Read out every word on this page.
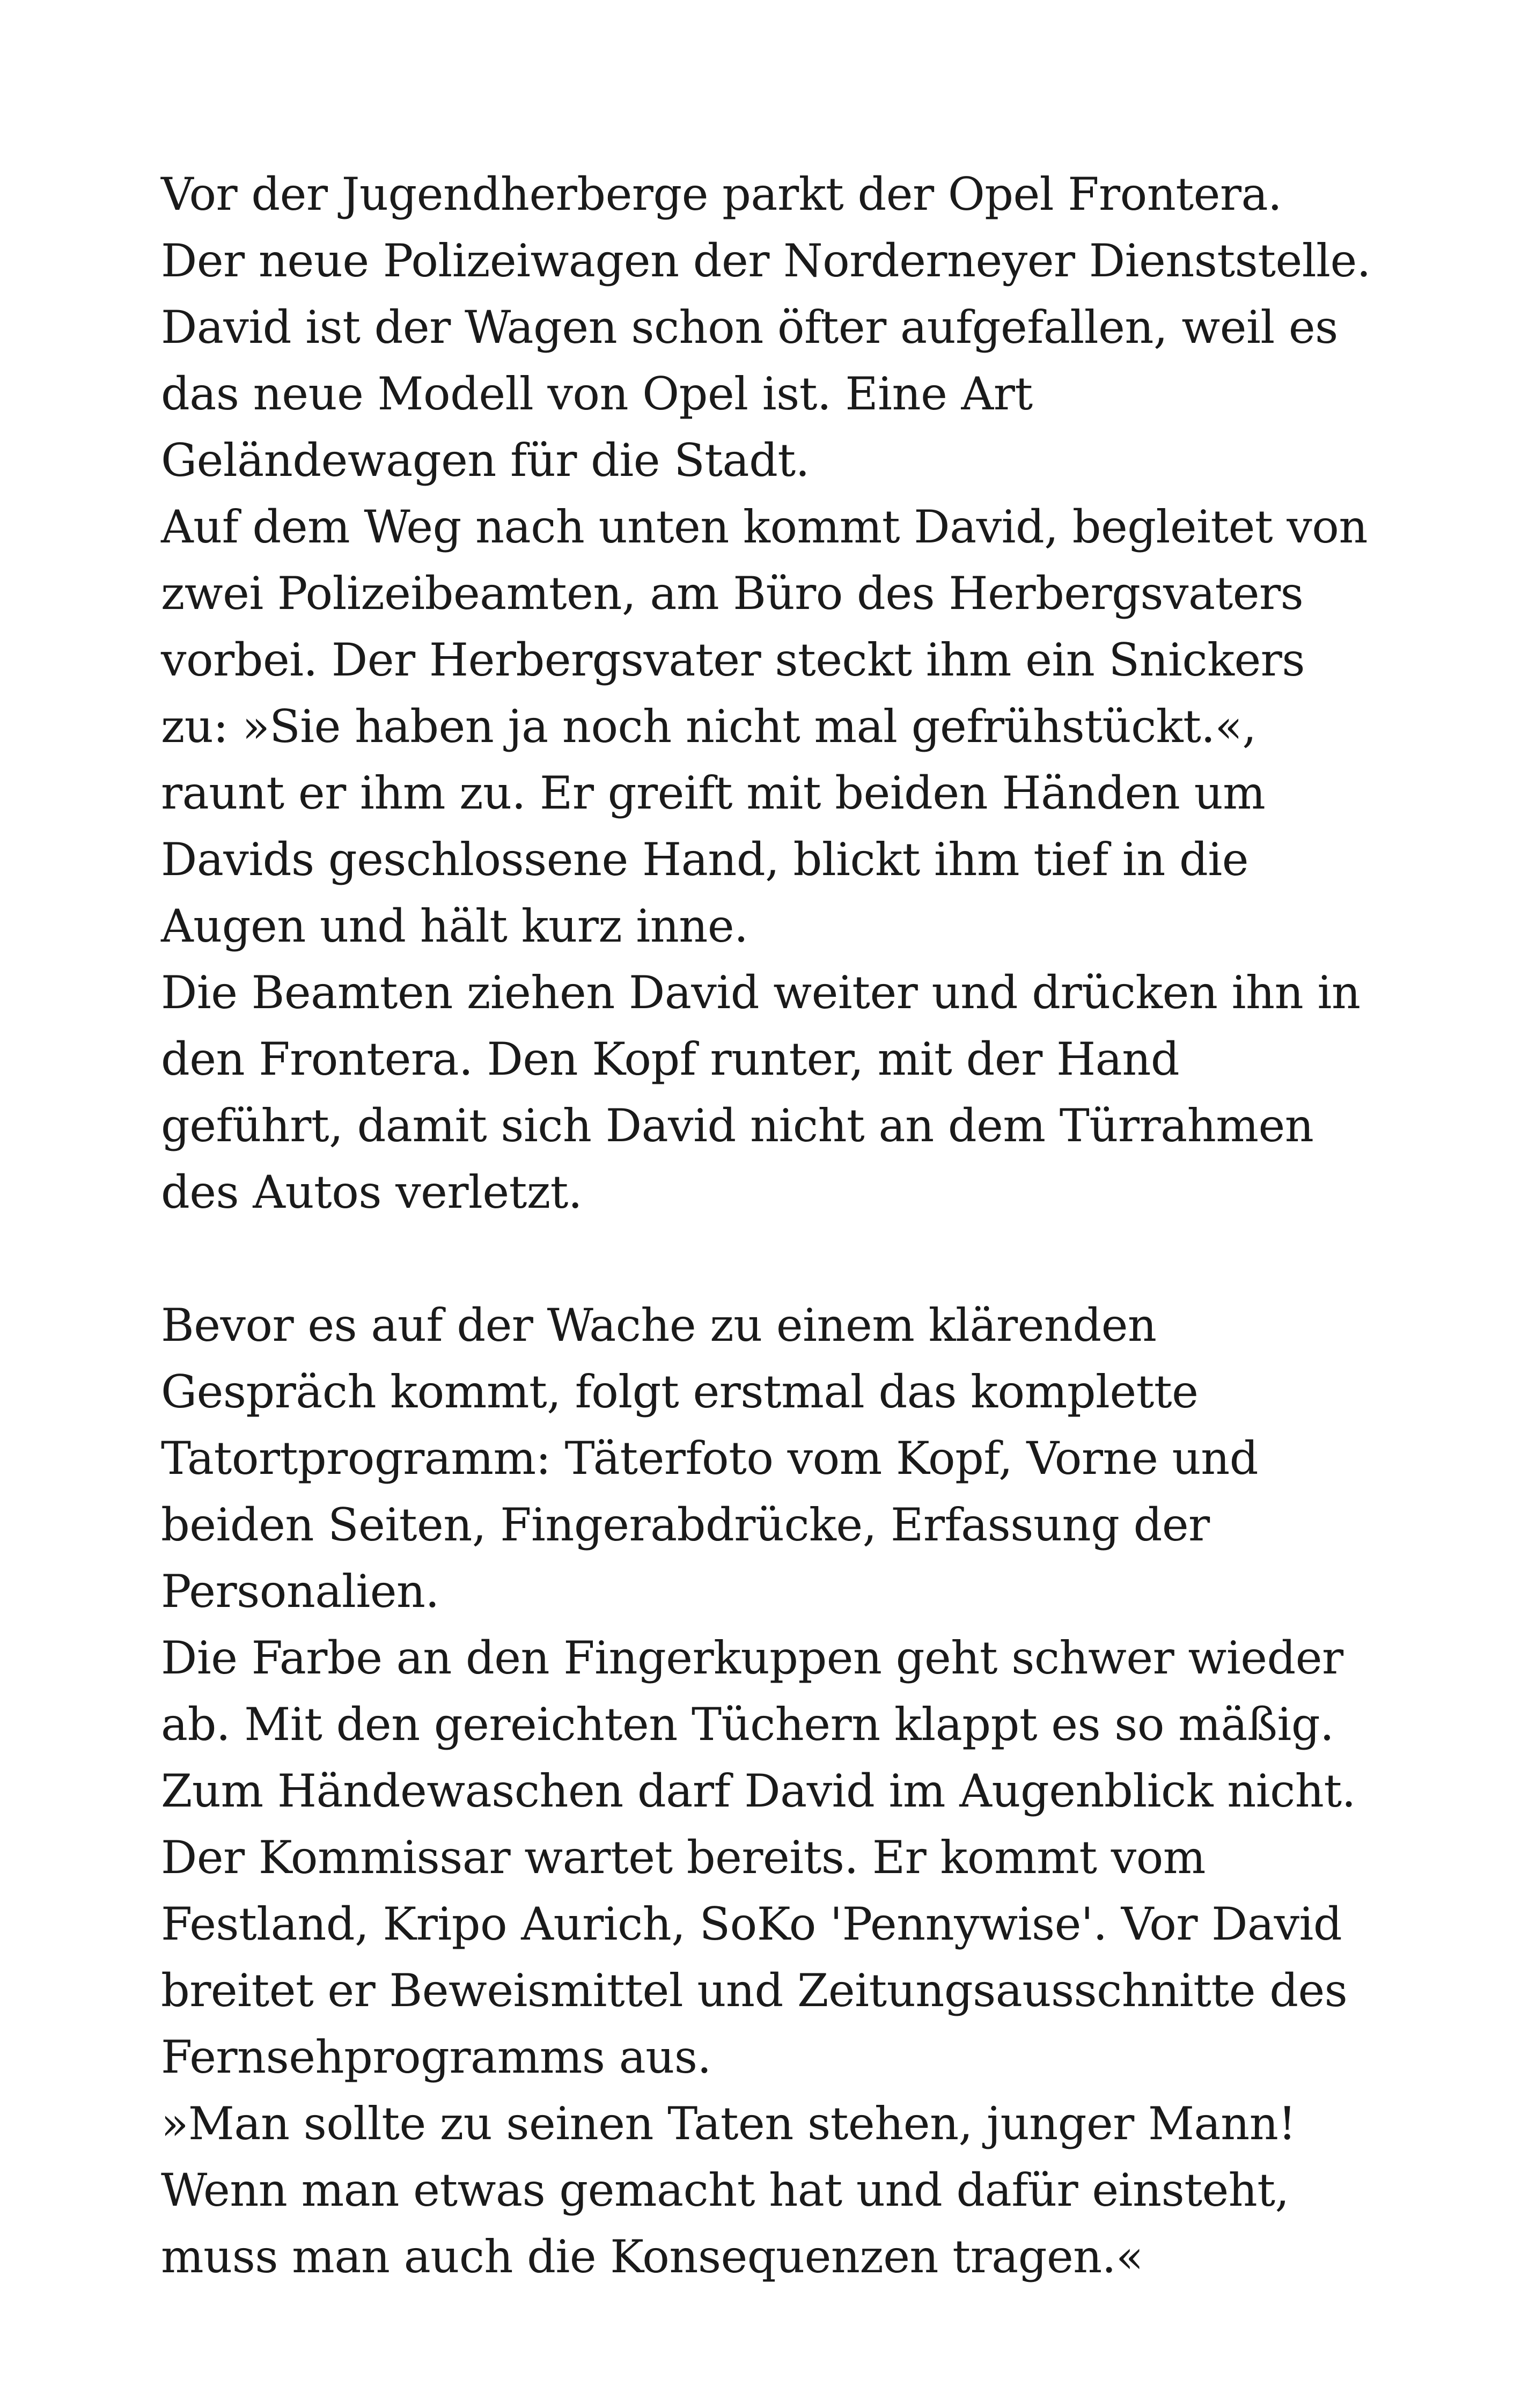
Vor der Jugendherberge parkt der Opel Frontera. Der neue Polizeiwagen der Norderneyer Dienststelle. David ist der Wagen schon öfter aufgefallen, weil es das neue Modell von Opel ist. Eine Art Geländewagen für die Stadt.

Auf dem Weg nach unten kommt David, begleitet von zwei Polizeibeamten, am Büro des Herbergsvaters vorbei. Der Herbergsvater steckt ihm ein Snickers zu: »Sie haben ja noch nicht mal gefrühstückt.«, raunt er ihm zu. Er greift mit beiden Händen um Davids geschlossene Hand, blickt ihm tief in die Augen und hält kurz inne.

Die Beamten ziehen David weiter und drücken ihn in den Frontera. Den Kopf runter, mit der Hand geführt, damit sich David nicht an dem Türrahmen des Autos verletzt.

Bevor es auf der Wache zu einem klärenden Gespräch kommt, folgt erstmal das komplette Tatortprogramm: Täterfoto vom Kopf, Vorne und beiden Seiten, Fingerabdrücke, Erfassung der Personalien.

Die Farbe an den Fingerkuppen geht schwer wieder ab. Mit den gereichten Tüchern klappt es so mäßig. Zum Händewaschen darf David im Augenblick nicht.

Der Kommissar wartet bereits. Er kommt vom Festland, Kripo Aurich, SoKo 'Pennywise'. Vor David breitet er Beweismittel und Zeitungsausschnitte des Fernsehprogramms aus.

»Man sollte zu seinen Taten stehen, junger Mann! Wenn man etwas gemacht hat und dafür einsteht, muss man auch die Konsequenzen tragen.«
